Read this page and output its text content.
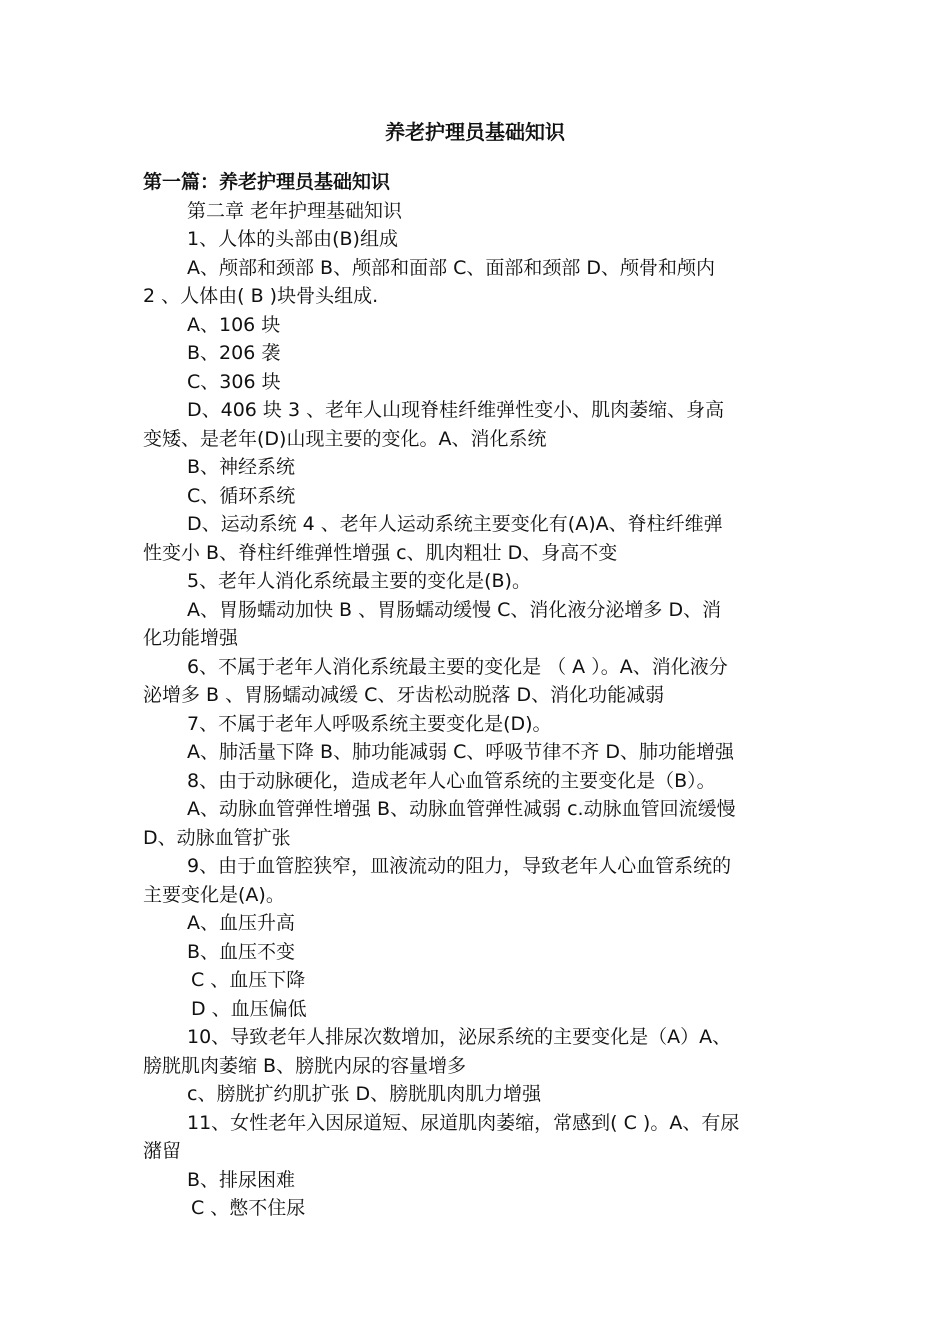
养老护理员基础知识
第一篇：养老护理员基础知识
第二章 老年护理基础知识
1、人体的头部由(B)组成
A、颅部和颈部 B、颅部和面部 C、面部和颈部 D、颅骨和颅内
2 、人体由( B )块骨头组成.
A、106 块
B、206 袭
C、306 块
D、406 块 3 、老年人山现脊桂纤维弹性变小、肌肉萎缩、身高
变矮、是老年(D)山现主要的变化。A、消化系统
B、神经系统
C、循环系统
D、运动系统 4 、老年人运动系统主要变化有(A)A、脊柱纤维弹
性变小 B、脊柱纤维弹性增强 c、肌肉粗壮 D、身高不变
5、老年人消化系统最主要的变化是(B)。
A、胃肠蠕动加快 B 、胃肠蠕动缓慢 C、消化液分泌增多 D、消
化功能增强
6、不属于老年人消化系统最主要的变化是 （ A ）。A、消化液分
泌增多 B 、胃肠蠕动减缓 C、牙齿松动脱落 D、消化功能减弱
7、不属于老年人呼吸系统主要变化是(D)。
A、肺活量下降 B、肺功能减弱 C、呼吸节律不齐 D、肺功能增强
8、由于动脉硬化，造成老年人心血管系统的主要变化是（B）。
A、动脉血管弹性增强 B、动脉血管弹性减弱 c.动脉血管回流缓慢
D、动脉血管扩张
9、由于血管腔狭窄，皿液流动的阻力，导致老年人心血管系统的
主要变化是(A)。
A、血压升高
B、血压不变
C 、血压下降
D 、血压偏低
10、导致老年人排尿次数增加，泌尿系统的主要变化是（A）A、
膀胱肌肉萎缩 B、膀胱内尿的容量增多
c、膀胱扩约肌扩张 D、膀胱肌肉肌力增强
11、女性老年入因尿道短、尿道肌肉萎缩，常感到( C )。A、有尿
潴留
B、排尿困难
C 、憋不住尿
